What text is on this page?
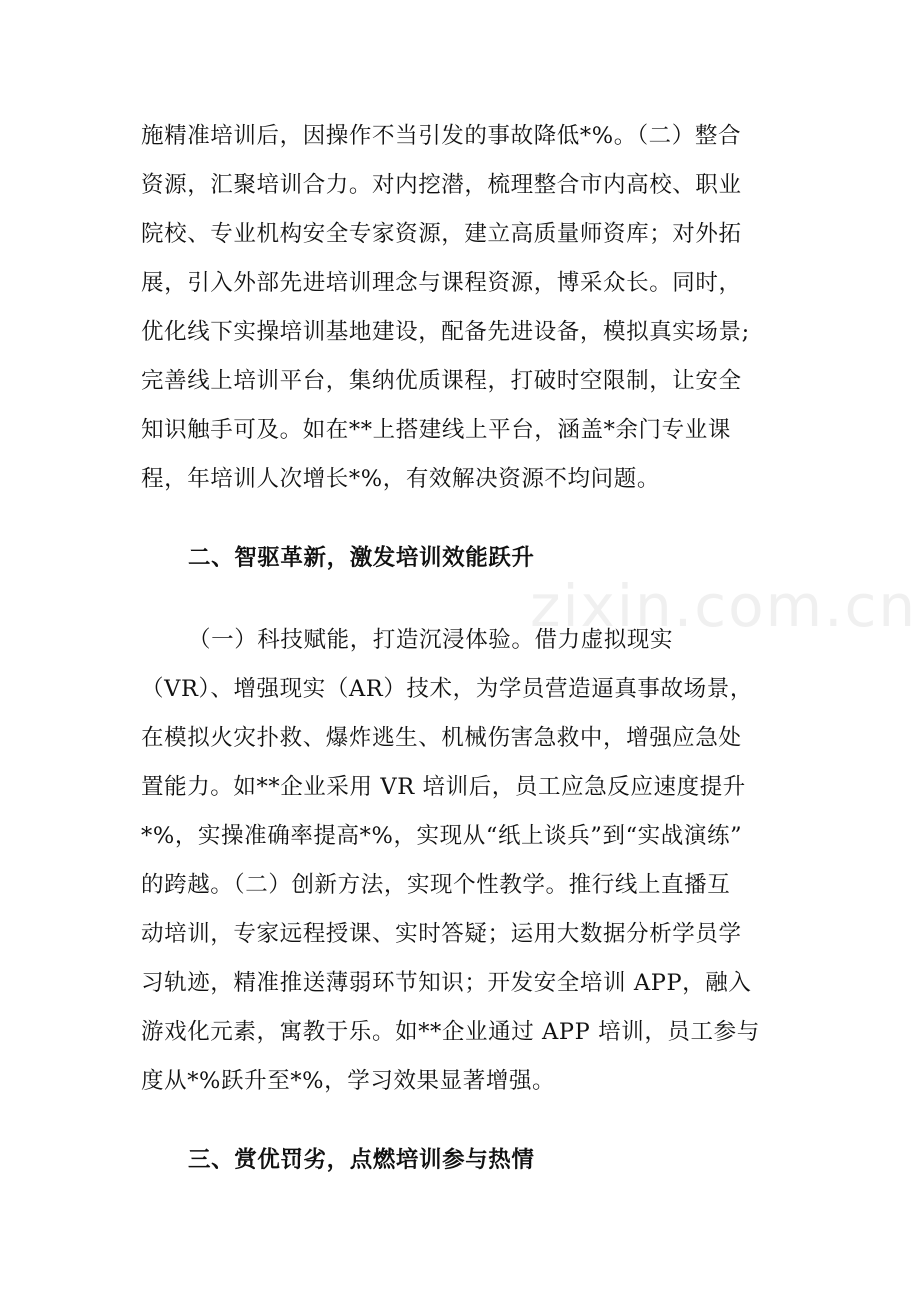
zixin.com.cn
施精准培训后，因操作不当引发的事故降低*%。（二）整合
资源，汇聚培训合力。对内挖潜，梳理整合市内高校、职业
院校、专业机构安全专家资源，建立高质量师资库；对外拓
展，引入外部先进培训理念与课程资源，博采众长。同时，
优化线下实操培训基地建设，配备先进设备，模拟真实场景;
完善线上培训平台，集纳优质课程，打破时空限制，让安全
知识触手可及。如在**上搭建线上平台，涵盖*余门专业课
程，年培训人次增长*%，有效解决资源不均问题。
二、智驱革新，激发培训效能跃升
（一）科技赋能，打造沉浸体验。借力虚拟现实
（VR）、增强现实（AR）技术，为学员营造逼真事故场景，
在模拟火灾扑救、爆炸逃生、机械伤害急救中，增强应急处
置能力。如**企业采用 VR 培训后，员工应急反应速度提升
*%，实操准确率提高*%，实现从“纸上谈兵”到“实战演练”
的跨越。（二）创新方法，实现个性教学。推行线上直播互
动培训，专家远程授课、实时答疑；运用大数据分析学员学
习轨迹，精准推送薄弱环节知识；开发安全培训 APP，融入
游戏化元素，寓教于乐。如**企业通过 APP 培训，员工参与
度从*%跃升至*%，学习效果显著增强。
三、赏优罚劣，点燃培训参与热情
